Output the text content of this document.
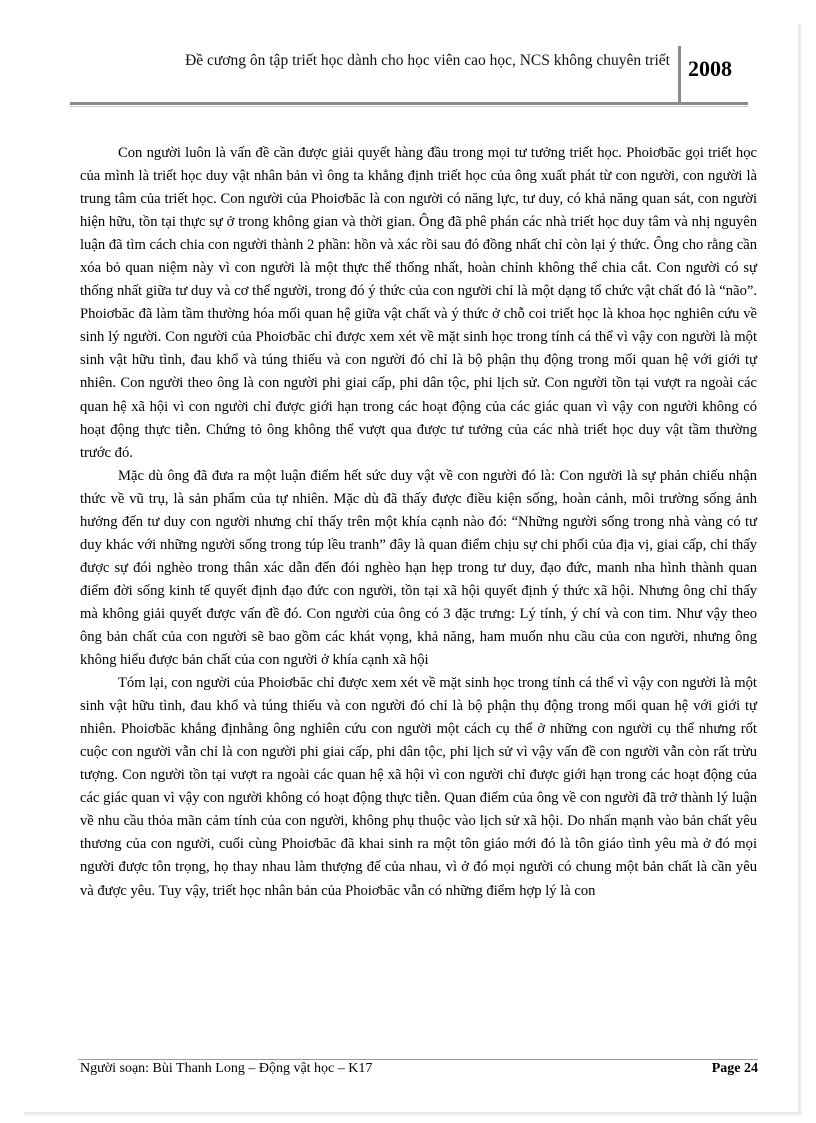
Đề cương ôn tập triết học dành cho học viên cao học, NCS không chuyên triết 2008

Con người luôn là vấn đề cần được giải quyết hàng đầu trong mọi tư tưởng triết học. Phoiơbăc gọi triết học của mình là triết học duy vật nhân bản vì ông ta khẳng định triết học của ông xuất phát từ con người, con người là trung tâm của triết học. Con người của Phoiơbăc là con người có năng lực, tư duy, có khả năng quan sát, con người hiện hữu, tồn tại thực sự ở trong không gian và thời gian. Ông đã phê phán các nhà triết học duy tâm và nhị nguyên luận đã tìm cách chia con người thành 2 phần: hồn và xác rồi sau đó đồng nhất chỉ còn lại ý thức. Ông cho rằng cần xóa bỏ quan niệm này vì con người là một thực thể thống nhất, hoàn chỉnh không thể chia cắt. Con người có sự thống nhất giữa tư duy và cơ thể người, trong đó ý thức của con người chỉ là một dạng tổ chức vật chất đó là “não”. Phoiơbăc đã làm tầm thường hóa mối quan hệ giữa vật chất và ý thức ở chỗ coi triết học là khoa học nghiên cứu về sinh lý người. Con người của Phoiơbăc chỉ được xem xét về mặt sinh học trong tính cá thể vì vậy con người là một sinh vật hữu tình, đau khổ và túng thiếu và con người đó chỉ là bộ phận thụ động trong mối quan hệ với giới tự nhiên. Con người theo ông là con người phi giai cấp, phi dân tộc, phi lịch sử. Con người tồn tại vượt ra ngoài các quan hệ xã hội vì con người chỉ được giới hạn trong các hoạt động của các giác quan vì vậy con người không có hoạt động thực tiễn. Chứng tỏ ông không thể vượt qua được tư tưởng của các nhà triết học duy vật tầm thường trước đó.

Mặc dù ông đã đưa ra một luận điểm hết sức duy vật về con người đó là: Con người là sự phản chiếu nhận thức về vũ trụ, là sản phẩm của tự nhiên. Mặc dù đã thấy được điều kiện sống, hoàn cảnh, môi trường sống ảnh hưởng đến tư duy con người nhưng chỉ thấy trên một khía cạnh nào đó: “Những người sống trong nhà vàng có tư duy khác với những người sống trong túp lều tranh” đây là quan điểm chịu sự chi phối của địa vị, giai cấp, chỉ thấy được sự đói nghèo trong thân xác dẫn đến đói nghèo hạn hẹp trong tư duy, đạo đức, manh nha hình thành quan điểm đời sống kinh tế quyết định đạo đức con người, tồn tại xã hội quyết định ý thức xã hội. Nhưng ông chỉ thấy mà không giải quyết được vấn đề đó. Con người của ông có 3 đặc trưng: Lý tính, ý chí và con tim. Như vậy theo ông bản chất của con người sẽ bao gồm các khát vọng, khả năng, ham muốn nhu cầu của con người, nhưng ông không hiểu được bản chất của con người ở khía cạnh xã hội

Tóm lại, con người của Phoiơbăc chỉ được xem xét về mặt sinh học trong tính cá thể vì vậy con người là một sinh vật hữu tình, đau khổ và túng thiếu và con người đó chỉ là bộ phận thụ động trong mối quan hệ với giới tự nhiên. Phoiơbăc khẳng địnhằng ông nghiên cứu con người một cách cụ thể ở những con người cụ thể nhưng rốt cuộc con người vẫn chỉ là con người phi giai cấp, phi dân tộc, phi lịch sử vì vậy vấn đề con người vẫn còn rất trừu tượng. Con người tồn tại vượt ra ngoài các quan hệ xã hội vì con người chỉ được giới hạn trong các hoạt động của các giác quan vì vậy con người không có hoạt động thực tiễn. Quan điểm của ông về con người đã trở thành lý luận về nhu cầu thỏa mãn cảm tính của con người, không phụ thuộc vào lịch sử xã hội. Do nhấn mạnh vào bản chất yêu thương của con người, cuối cùng Phoiơbăc đã khai sinh ra một tôn giáo mới đó là tôn giáo tình yêu mà ở đó mọi người được tôn trọng, họ thay nhau làm thượng đế của nhau, vì ở đó mọi người có chung một bản chất là cần yêu và được yêu. Tuy vậy, triết học nhân bản của Phoiơbăc vẫn có những điểm hợp lý là con

Người soạn: Bùi Thanh Long – Động vật học – K17	Page 24
